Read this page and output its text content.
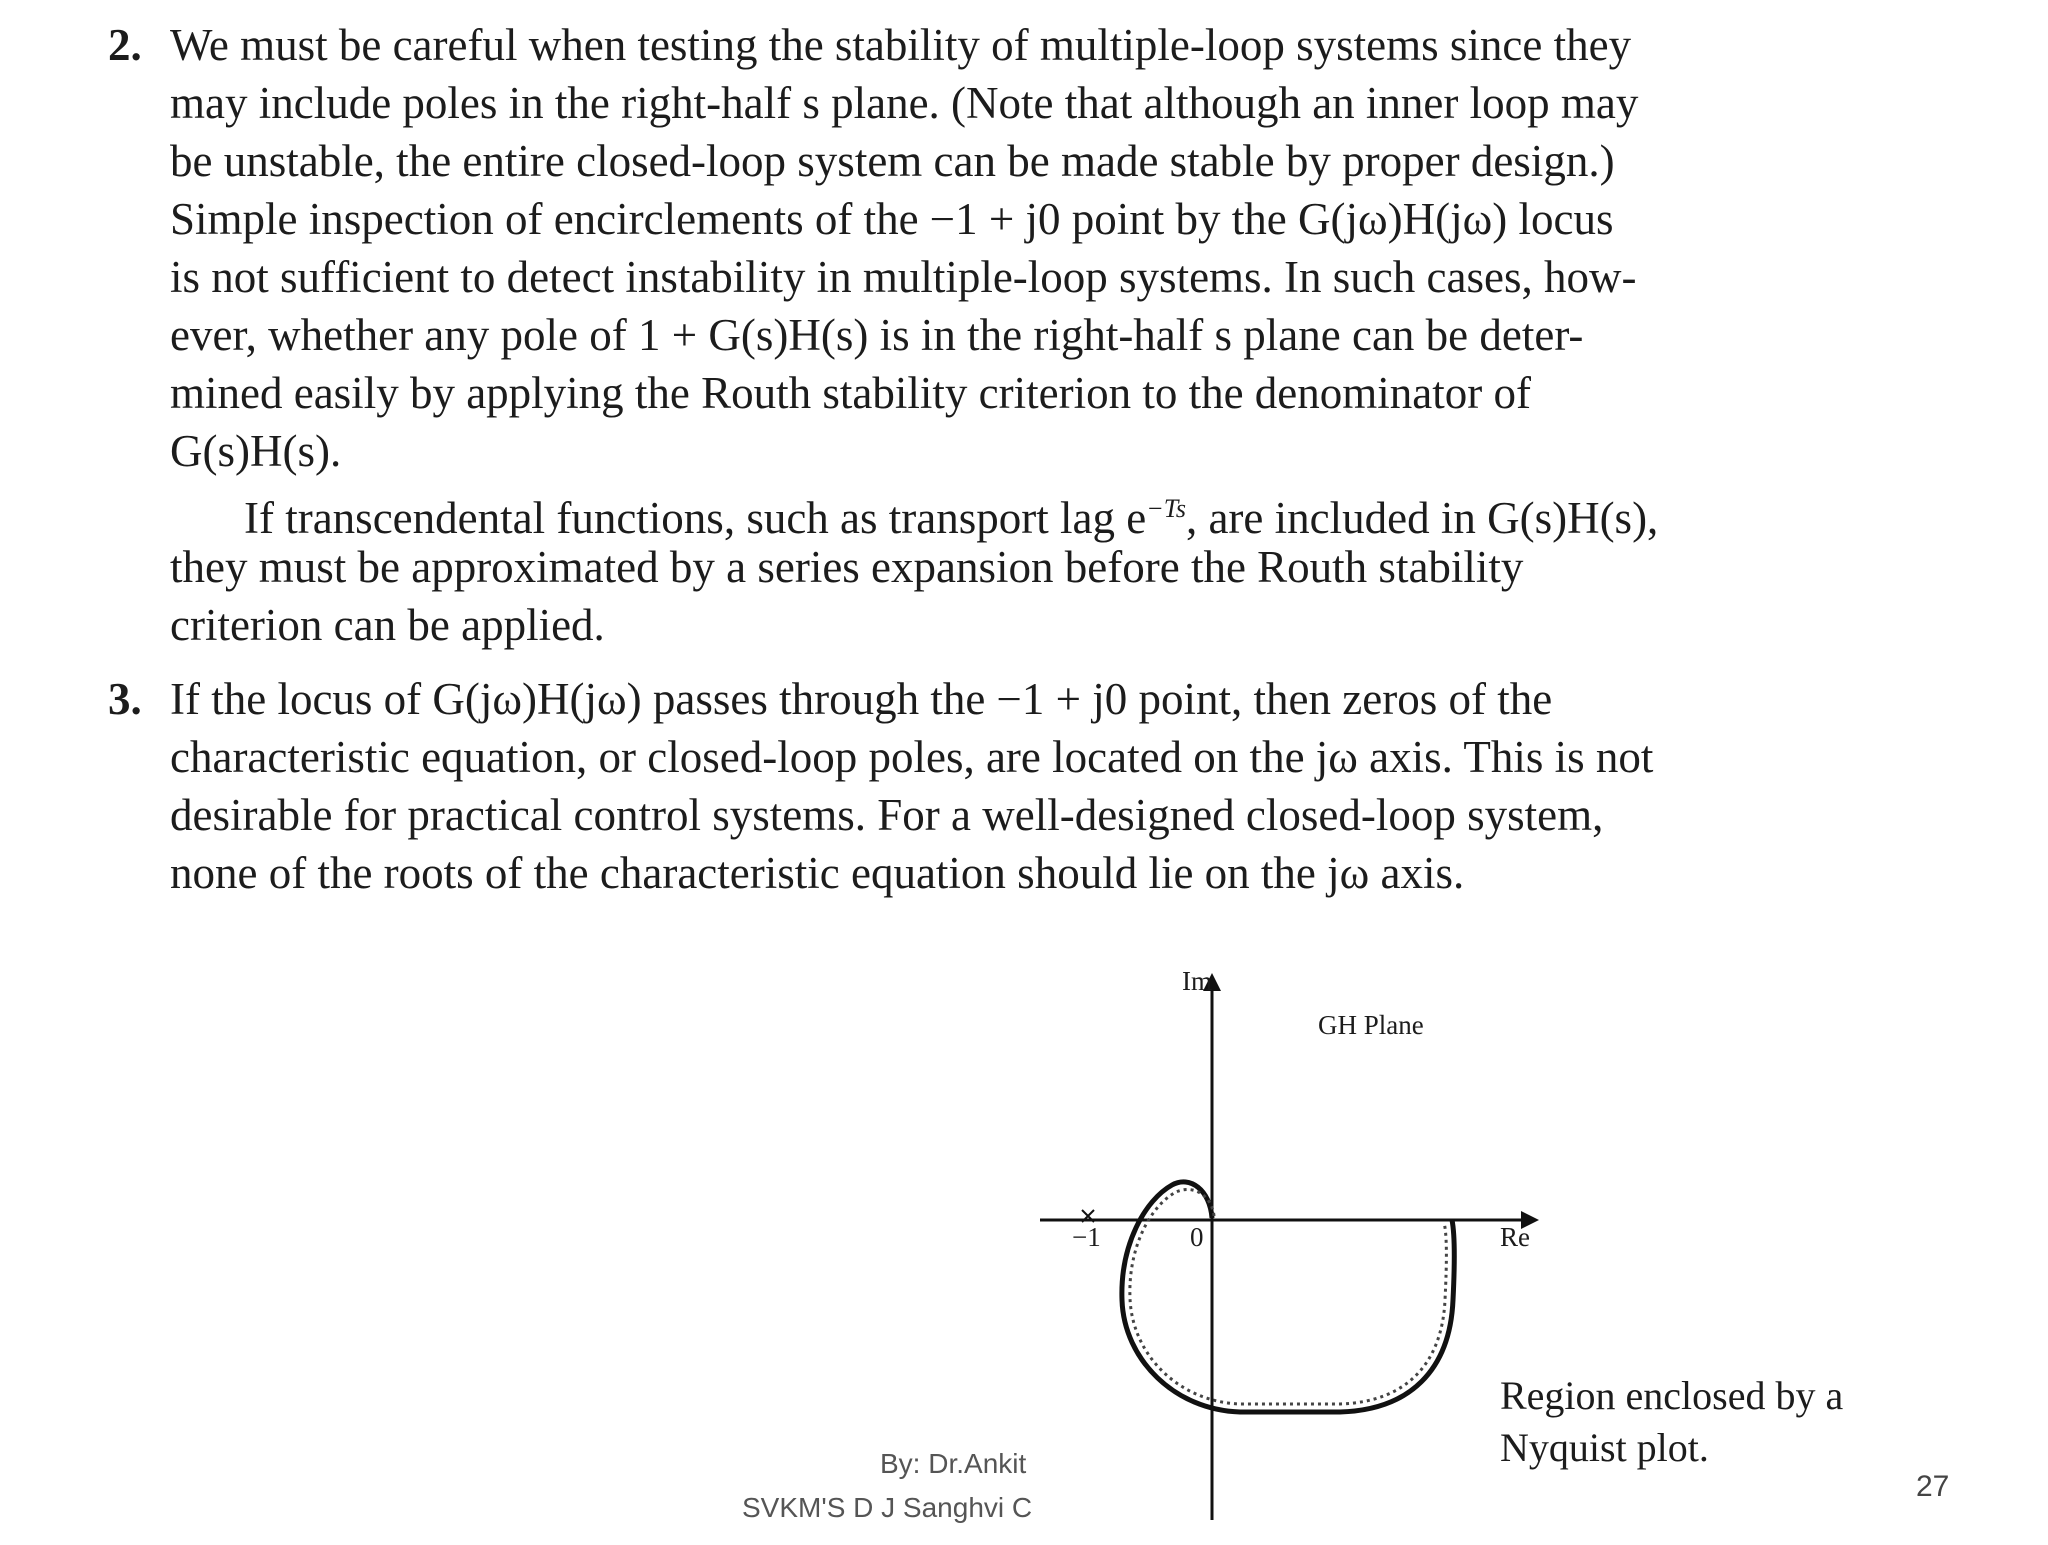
2. We must be careful when testing the stability of multiple-loop systems since they
may include poles in the right-half s plane. (Note that although an inner loop may
be unstable, the entire closed-loop system can be made stable by proper design.)
Simple inspection of encirclements of the −1 + j0 point by the G(jω)H(jω) locus
is not sufficient to detect instability in multiple-loop systems. In such cases, how-
ever, whether any pole of 1 + G(s)H(s) is in the right-half s plane can be deter-
mined easily by applying the Routh stability criterion to the denominator of
G(s)H(s).
If transcendental functions, such as transport lag $e^{-Ts}$, are included in G(s)H(s),
they must be approximated by a series expansion before the Routh stability
criterion can be applied.
3. If the locus of G(jω)H(jω) passes through the −1 + j0 point, then zeros of the
characteristic equation, or closed-loop poles, are located on the jω axis. This is not
desirable for practical control systems. For a well-designed closed-loop system,
none of the roots of the characteristic equation should lie on the jω axis.
Im
GH Plane
−1	0	Re
Region enclosed by a
Nyquist plot.
By: Dr.Ankit
SVKM'S D J Sanghvi C
27
